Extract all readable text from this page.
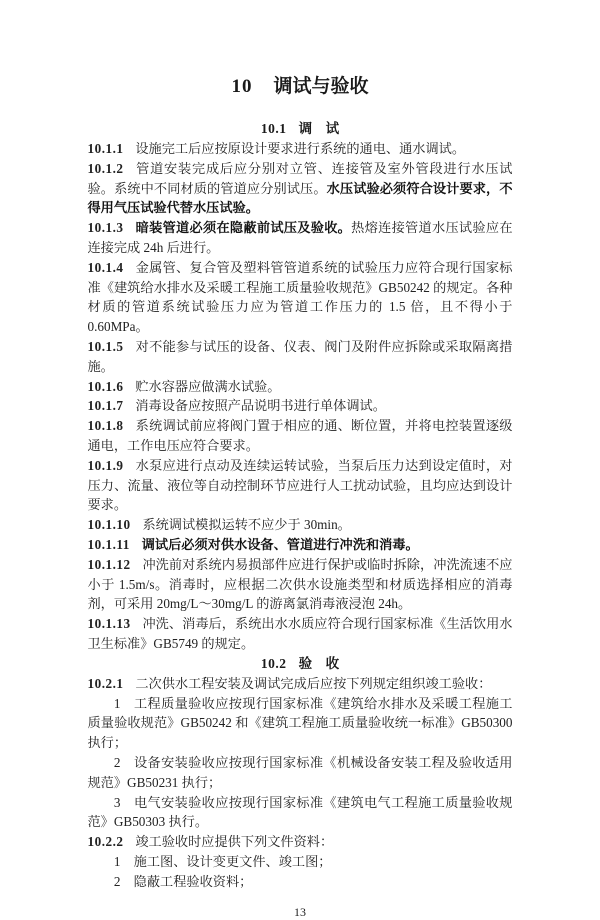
10 调试与验收
10.1 调　试

10.1.1 设施完工后应按原设计要求进行系统的通电、通水调试。

10.1.2 管道安装完成后应分别对立管、连接管及室外管段进行水压试验。系统中不同材质的管道应分别试压。水压试验必须符合设计要求，不得用气压试验代替水压试验。

10.1.3 暗装管道必须在隐蔽前试压及验收。热熔连接管道水压试验应在连接完成 24h 后进行。

10.1.4 金属管、复合管及塑料管管道系统的试验压力应符合现行国家标准《建筑给水排水及采暖工程施工质量验收规范》GB50242 的规定。各种材质的管道系统试验压力应为管道工作压力的 1.5 倍，且不得小于 0.60MPa。

10.1.5 对不能参与试压的设备、仪表、阀门及附件应拆除或采取隔离措施。

10.1.6 贮水容器应做满水试验。

10.1.7 消毒设备应按照产品说明书进行单体调试。

10.1.8 系统调试前应将阀门置于相应的通、断位置，并将电控装置逐级通电，工作电压应符合要求。

10.1.9 水泵应进行点动及连续运转试验，当泵后压力达到设定值时，对压力、流量、液位等自动控制环节应进行人工扰动试验，且均应达到设计要求。

10.1.10 系统调试模拟运转不应少于 30min。

10.1.11 调试后必须对供水设备、管道进行冲洗和消毒。

10.1.12 冲洗前对系统内易损部件应进行保护或临时拆除，冲洗流速不应小于 1.5m/s。消毒时，应根据二次供水设施类型和材质选择相应的消毒剂，可采用 20mg/L～30mg/L 的游离氯消毒液浸泡 24h。

10.1.13 冲洗、消毒后，系统出水水质应符合现行国家标准《生活饮用水卫生标准》GB5749 的规定。

10.2 验　收

10.2.1 二次供水工程安装及调试完成后应按下列规定组织竣工验收：

1 工程质量验收应按现行国家标准《建筑给水排水及采暖工程施工质量验收规范》GB50242 和《建筑工程施工质量验收统一标准》GB50300 执行；

2 设备安装验收应按现行国家标准《机械设备安装工程及验收适用规范》GB50231 执行；

3 电气安装验收应按现行国家标准《建筑电气工程施工质量验收规范》GB50303 执行。

10.2.2 竣工验收时应提供下列文件资料：

1 施工图、设计变更文件、竣工图；

2 隐蔽工程验收资料；

13
